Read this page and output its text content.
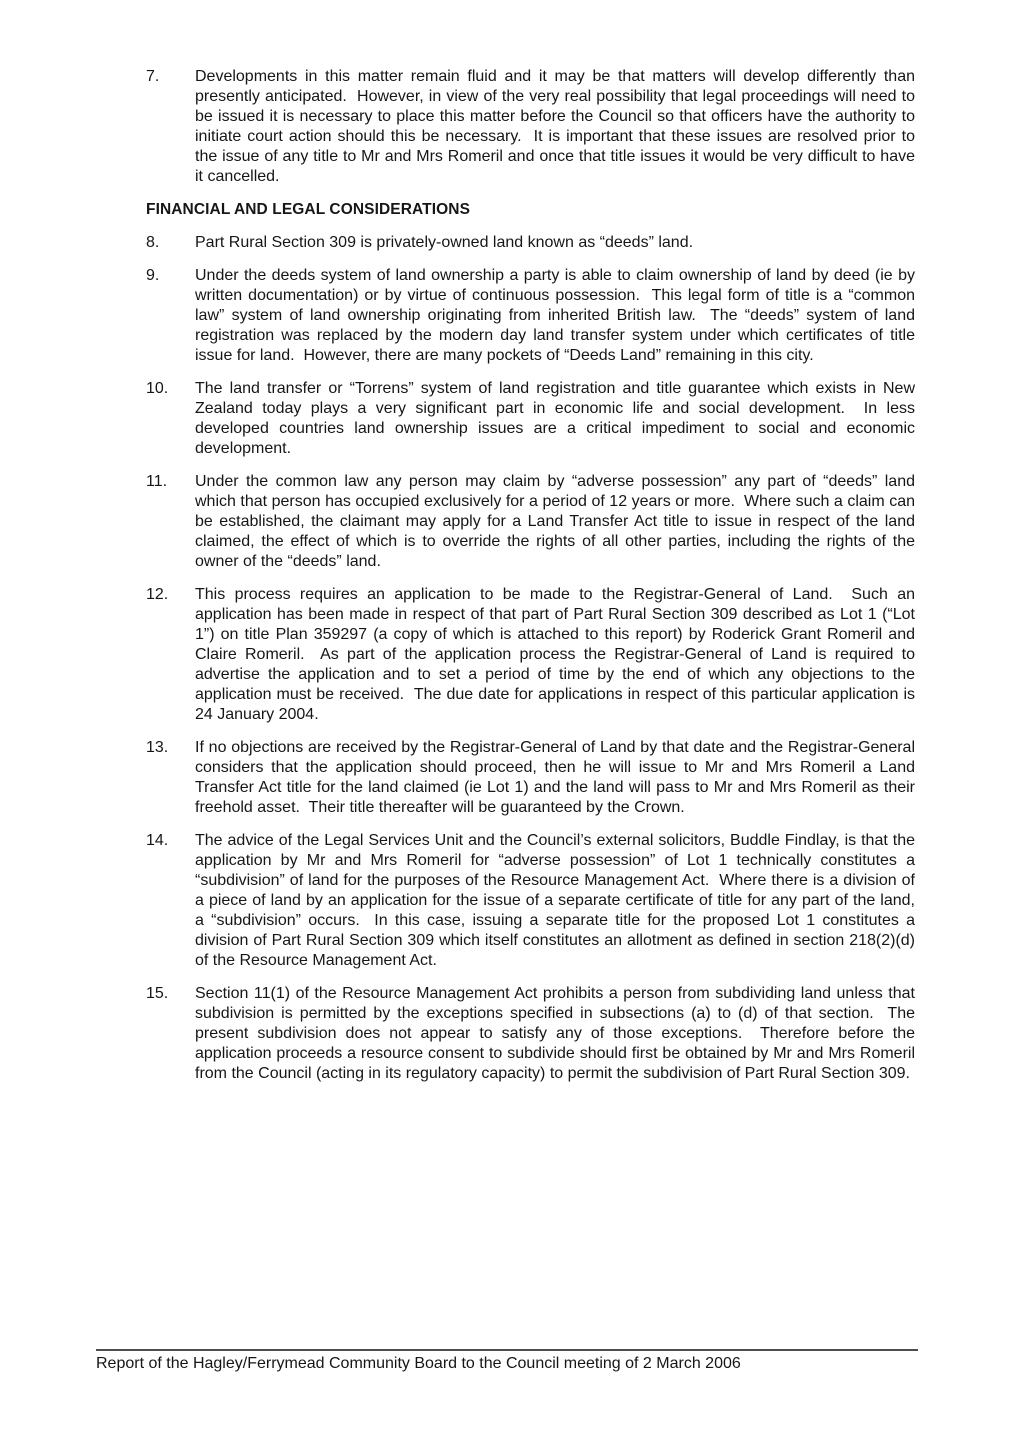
7.	Developments in this matter remain fluid and it may be that matters will develop differently than presently anticipated.  However, in view of the very real possibility that legal proceedings will need to be issued it is necessary to place this matter before the Council so that officers have the authority to initiate court action should this be necessary.  It is important that these issues are resolved prior to the issue of any title to Mr and Mrs Romeril and once that title issues it would be very difficult to have it cancelled.

FINANCIAL AND LEGAL CONSIDERATIONS
8.	Part Rural Section 309 is privately-owned land known as “deeds” land.

9.	Under the deeds system of land ownership a party is able to claim ownership of land by deed (ie by written documentation) or by virtue of continuous possession.  This legal form of title is a “common law” system of land ownership originating from inherited British law.  The “deeds” system of land registration was replaced by the modern day land transfer system under which certificates of title issue for land.  However, there are many pockets of “Deeds Land” remaining in this city.

10.	The land transfer or “Torrens” system of land registration and title guarantee which exists in New Zealand today plays a very significant part in economic life and social development.  In less developed countries land ownership issues are a critical impediment to social and economic development.

11.	Under the common law any person may claim by “adverse possession” any part of “deeds” land which that person has occupied exclusively for a period of 12 years or more.  Where such a claim can be established, the claimant may apply for a Land Transfer Act title to issue in respect of the land claimed, the effect of which is to override the rights of all other parties, including the rights of the owner of the “deeds” land.

12.	This process requires an application to be made to the Registrar-General of Land.  Such an application has been made in respect of that part of Part Rural Section 309 described as Lot 1 (“Lot 1”) on title Plan 359297 (a copy of which is attached to this report) by Roderick Grant Romeril and Claire Romeril.  As part of the application process the Registrar-General of Land is required to advertise the application and to set a period of time by the end of which any objections to the application must be received.  The due date for applications in respect of this particular application is 24 January 2004.

13.	If no objections are received by the Registrar-General of Land by that date and the Registrar-General considers that the application should proceed, then he will issue to Mr and Mrs Romeril a Land Transfer Act title for the land claimed (ie Lot 1) and the land will pass to Mr and Mrs Romeril as their freehold asset.  Their title thereafter will be guaranteed by the Crown.

14.	The advice of the Legal Services Unit and the Council’s external solicitors, Buddle Findlay, is that the application by Mr and Mrs Romeril for “adverse possession” of Lot 1 technically constitutes a “subdivision” of land for the purposes of the Resource Management Act.  Where there is a division of a piece of land by an application for the issue of a separate certificate of title for any part of the land, a “subdivision” occurs.  In this case, issuing a separate title for the proposed Lot 1 constitutes a division of Part Rural Section 309 which itself constitutes an allotment as defined in section 218(2)(d) of the Resource Management Act.

15.	Section 11(1) of the Resource Management Act prohibits a person from subdividing land unless that subdivision is permitted by the exceptions specified in subsections (a) to (d) of that section.  The present subdivision does not appear to satisfy any of those exceptions.  Therefore before the application proceeds a resource consent to subdivide should first be obtained by Mr and Mrs Romeril from the Council (acting in its regulatory capacity) to permit the subdivision of Part Rural Section 309.

Report of the Hagley/Ferrymead Community Board to the Council meeting of 2 March 2006
